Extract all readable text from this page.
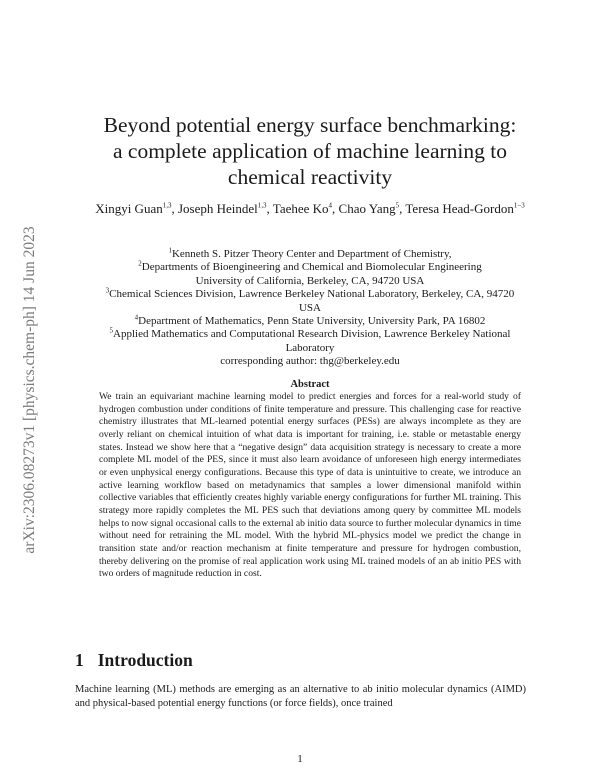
arXiv:2306.08273v1 [physics.chem-ph] 14 Jun 2023
Beyond potential energy surface benchmarking:
a complete application of machine learning to
chemical reactivity
Xingyi Guan$^{1,3}$, Joseph Heindel$^{1,3}$, Taehee Ko$^4$, Chao Yang$^5$, Teresa Head-Gordon$^{1-3}$
$^1$Kenneth S. Pitzer Theory Center and Department of Chemistry,
$^2$Departments of Bioengineering and Chemical and Biomolecular Engineering
University of California, Berkeley, CA, 94720 USA
$^3$Chemical Sciences Division, Lawrence Berkeley National Laboratory, Berkeley, CA, 94720
USA
$^4$Department of Mathematics, Penn State University, University Park, PA 16802
$^5$Applied Mathematics and Computational Research Division, Lawrence Berkeley National
Laboratory
corresponding author: thg@berkeley.edu
Abstract
We train an equivariant machine learning model to predict energies and forces for a real-world study of hydrogen combustion under conditions of finite temperature and pressure. This challenging case for reactive chemistry illustrates that ML-learned potential energy surfaces (PESs) are always incomplete as they are overly reliant on chemical intuition of what data is important for training, i.e. stable or metastable energy states. Instead we show here that a “negative design” data acquisition strategy is necessary to create a more complete ML model of the PES, since it must also learn avoidance of unforeseen high energy intermediates or even unphysical energy configurations. Because this type of data is unintuitive to create, we introduce an active learning workflow based on metadynamics that samples a lower dimensional manifold within collective variables that efficiently creates highly variable energy configurations for further ML training. This strategy more rapidly completes the ML PES such that deviations among query by committee ML models helps to now signal occasional calls to the external ab initio data source to further molecular dynamics in time without need for retraining the ML model. With the hybrid ML-physics model we predict the change in transition state and/or reaction mechanism at finite temperature and pressure for hydrogen combustion, thereby delivering on the promise of real application work using ML trained models of an ab initio PES with two orders of magnitude reduction in cost.
1 Introduction
Machine learning (ML) methods are emerging as an alternative to ab initio molecular dynamics (AIMD) and physical-based potential energy functions (or force fields), once trained
1
